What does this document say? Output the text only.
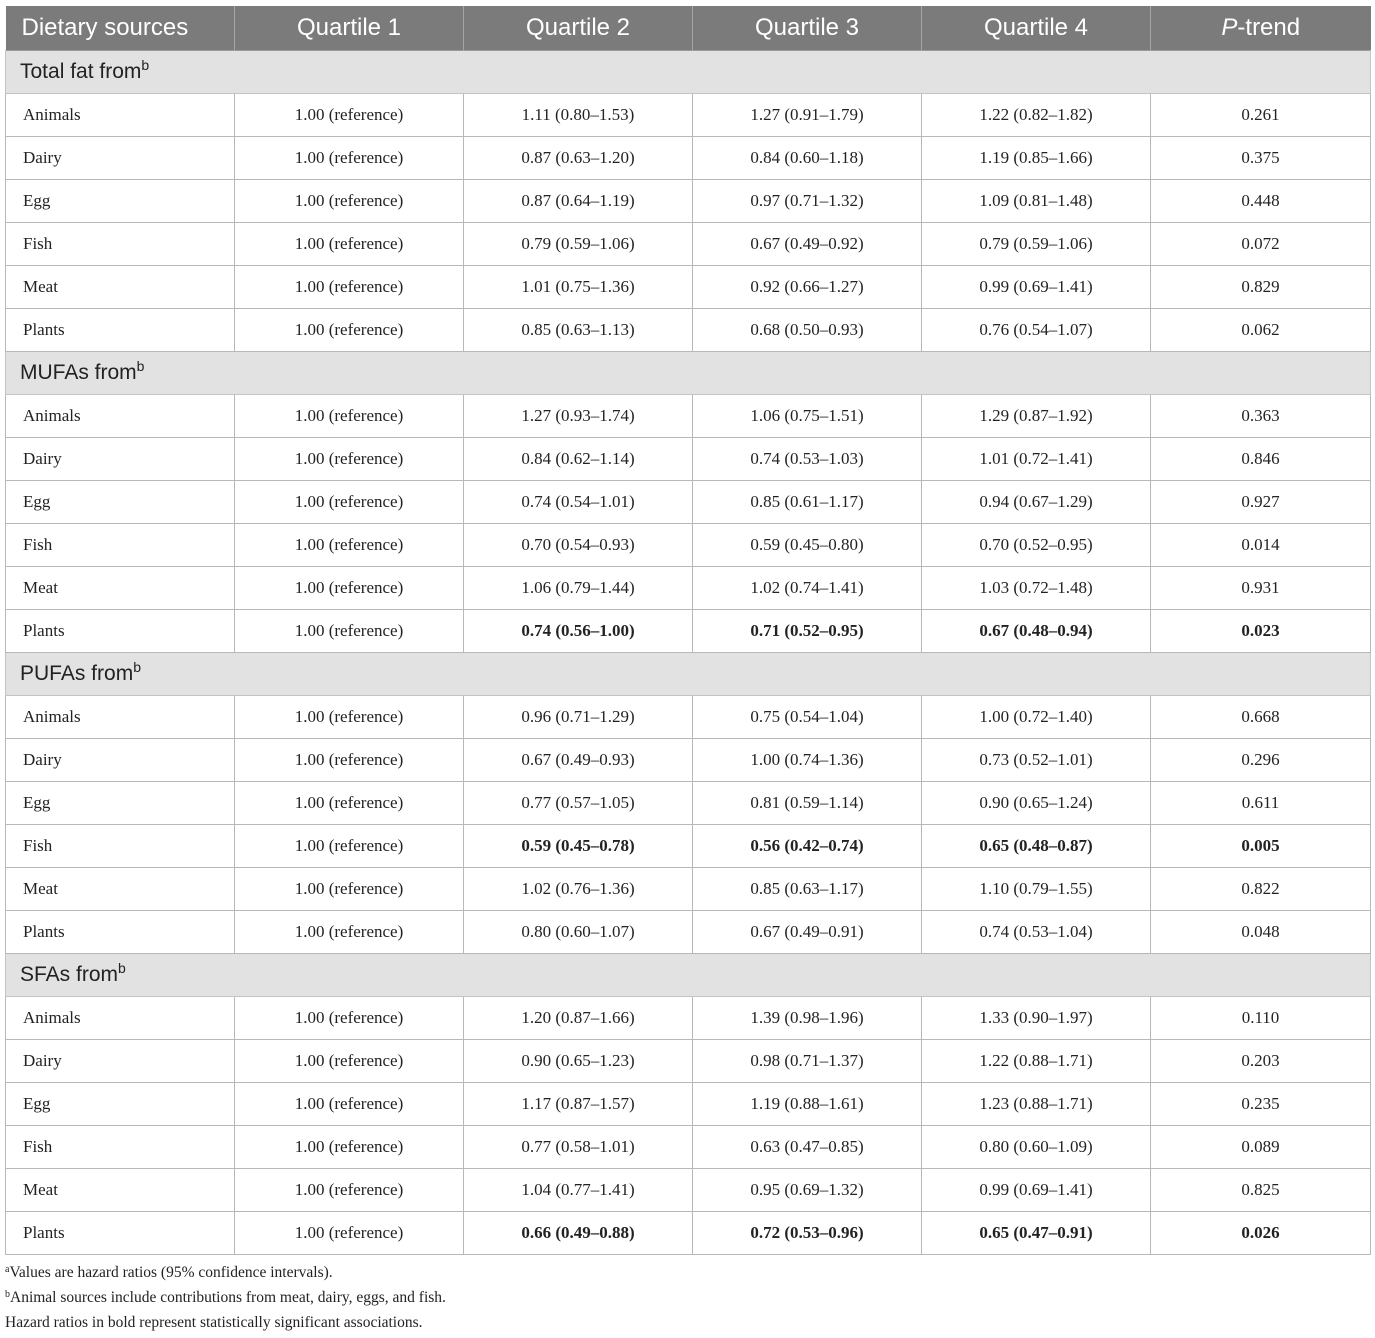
Dietary sources	Quartile 1	Quartile 2	Quartile 3	Quartile 4	P-trend
Total fat from$^b$
Animals	1.00 (reference)	1.11 (0.80–1.53)	1.27 (0.91–1.79)	1.22 (0.82–1.82)	0.261
Dairy	1.00 (reference)	0.87 (0.63–1.20)	0.84 (0.60–1.18)	1.19 (0.85–1.66)	0.375
Egg	1.00 (reference)	0.87 (0.64–1.19)	0.97 (0.71–1.32)	1.09 (0.81–1.48)	0.448
Fish	1.00 (reference)	0.79 (0.59–1.06)	0.67 (0.49–0.92)	0.79 (0.59–1.06)	0.072
Meat	1.00 (reference)	1.01 (0.75–1.36)	0.92 (0.66–1.27)	0.99 (0.69–1.41)	0.829
Plants	1.00 (reference)	0.85 (0.63–1.13)	0.68 (0.50–0.93)	0.76 (0.54–1.07)	0.062
MUFAs from$^b$
Animals	1.00 (reference)	1.27 (0.93–1.74)	1.06 (0.75–1.51)	1.29 (0.87–1.92)	0.363
Dairy	1.00 (reference)	0.84 (0.62–1.14)	0.74 (0.53–1.03)	1.01 (0.72–1.41)	0.846
Egg	1.00 (reference)	0.74 (0.54–1.01)	0.85 (0.61–1.17)	0.94 (0.67–1.29)	0.927
Fish	1.00 (reference)	0.70 (0.54–0.93)	0.59 (0.45–0.80)	0.70 (0.52–0.95)	0.014
Meat	1.00 (reference)	1.06 (0.79–1.44)	1.02 (0.74–1.41)	1.03 (0.72–1.48)	0.931
Plants	1.00 (reference)	0.74 (0.56–1.00)	0.71 (0.52–0.95)	0.67 (0.48–0.94)	0.023
PUFAs from$^b$
Animals	1.00 (reference)	0.96 (0.71–1.29)	0.75 (0.54–1.04)	1.00 (0.72–1.40)	0.668
Dairy	1.00 (reference)	0.67 (0.49–0.93)	1.00 (0.74–1.36)	0.73 (0.52–1.01)	0.296
Egg	1.00 (reference)	0.77 (0.57–1.05)	0.81 (0.59–1.14)	0.90 (0.65–1.24)	0.611
Fish	1.00 (reference)	0.59 (0.45–0.78)	0.56 (0.42–0.74)	0.65 (0.48–0.87)	0.005
Meat	1.00 (reference)	1.02 (0.76–1.36)	0.85 (0.63–1.17)	1.10 (0.79–1.55)	0.822
Plants	1.00 (reference)	0.80 (0.60–1.07)	0.67 (0.49–0.91)	0.74 (0.53–1.04)	0.048
SFAs from$^b$
Animals	1.00 (reference)	1.20 (0.87–1.66)	1.39 (0.98–1.96)	1.33 (0.90–1.97)	0.110
Dairy	1.00 (reference)	0.90 (0.65–1.23)	0.98 (0.71–1.37)	1.22 (0.88–1.71)	0.203
Egg	1.00 (reference)	1.17 (0.87–1.57)	1.19 (0.88–1.61)	1.23 (0.88–1.71)	0.235
Fish	1.00 (reference)	0.77 (0.58–1.01)	0.63 (0.47–0.85)	0.80 (0.60–1.09)	0.089
Meat	1.00 (reference)	1.04 (0.77–1.41)	0.95 (0.69–1.32)	0.99 (0.69–1.41)	0.825
Plants	1.00 (reference)	0.66 (0.49–0.88)	0.72 (0.53–0.96)	0.65 (0.47–0.91)	0.026
$^a$Values are hazard ratios (95% confidence intervals).
$^b$Animal sources include contributions from meat, dairy, eggs, and fish.
Hazard ratios in bold represent statistically significant associations.
